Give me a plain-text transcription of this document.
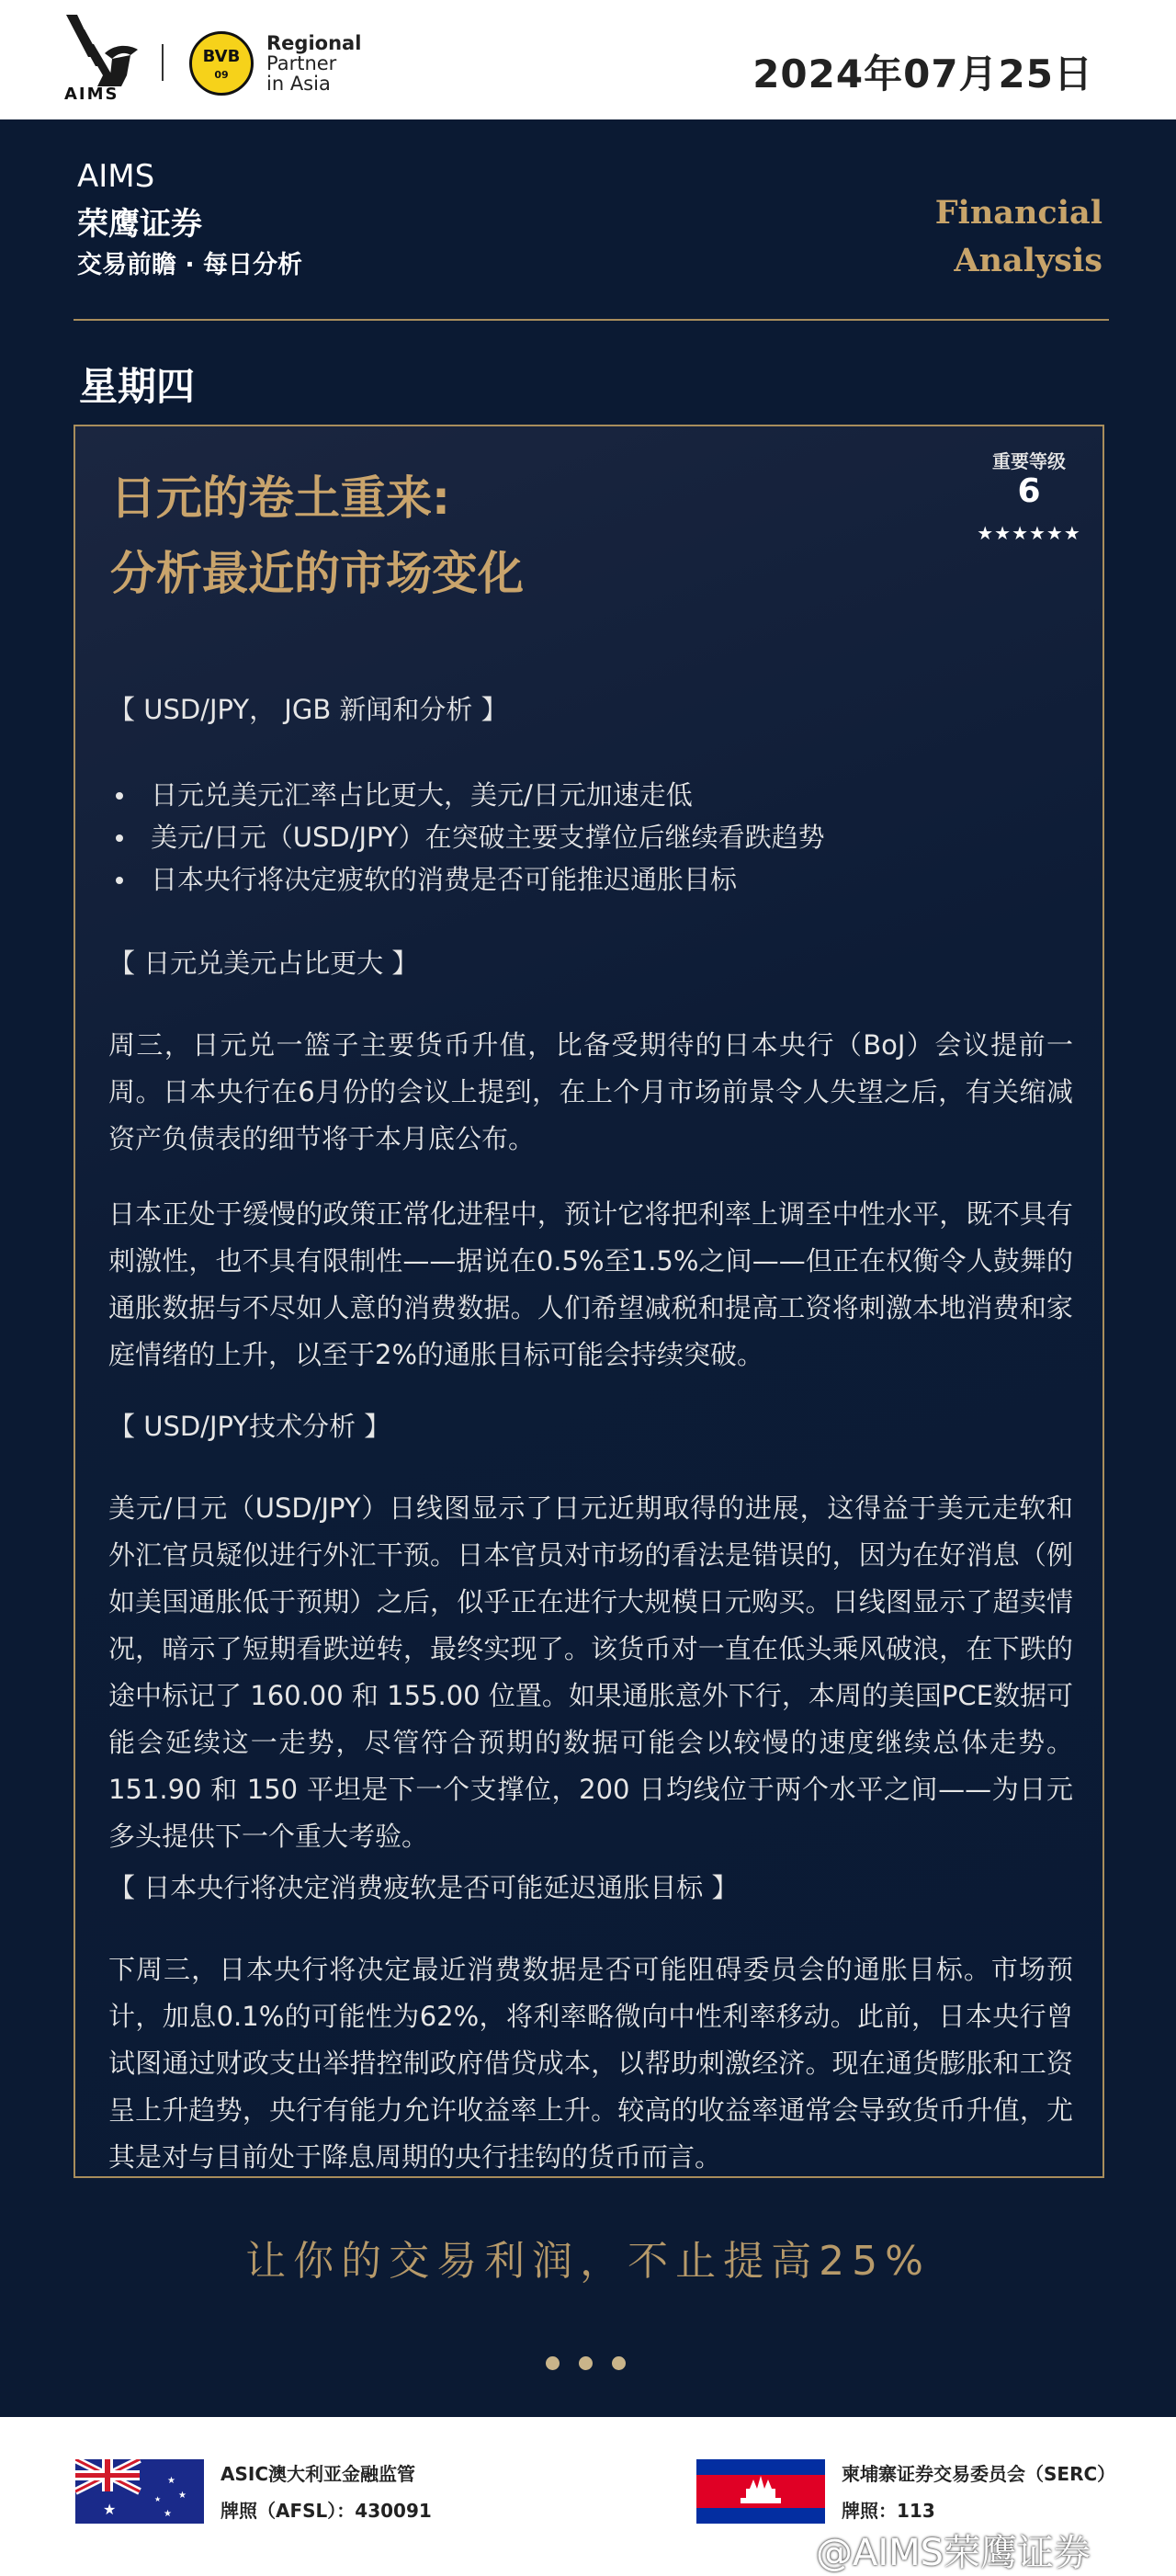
AIMS
BVB
09
Regional
Partner
in Asia	2024年07月25日
AIMS
荣鹰证券
交易前瞻 · 每日分析
Financial
Analysis
星期四
日元的卷土重来:
分析最近的市场变化
重要等级
6
★★★★★★
【 USD/JPY， JGB 新闻和分析 】
日元兑美元汇率占比更大，美元/日元加速走低
美元/日元（USD/JPY）在突破主要支撑位后继续看跌趋势
日本央行将决定疲软的消费是否可能推迟通胀目标
【 日元兑美元占比更大 】
周三，日元兑一篮子主要货币升值，比备受期待的日本央行（BoJ）会议提前一周。日本央行在6月份的会议上提到，在上个月市场前景令人失望之后，有关缩减资产负债表的细节将于本月底公布。
日本正处于缓慢的政策正常化进程中，预计它将把利率上调至中性水平，既不具有刺激性，也不具有限制性——据说在0.5%至1.5%之间——但正在权衡令人鼓舞的通胀数据与不尽如人意的消费数据。人们希望减税和提高工资将刺激本地消费和家庭情绪的上升，以至于2%的通胀目标可能会持续突破。
【 USD/JPY技术分析 】
美元/日元（USD/JPY）日线图显示了日元近期取得的进展，这得益于美元走软和外汇官员疑似进行外汇干预。日本官员对市场的看法是错误的，因为在好消息（例如美国通胀低于预期）之后，似乎正在进行大规模日元购买。日线图显示了超卖情况，暗示了短期看跌逆转，最终实现了。该货币对一直在低头乘风破浪，在下跌的途中标记了 160.00 和 155.00 位置。如果通胀意外下行，本周的美国PCE数据可能会延续这一走势，尽管符合预期的数据可能会以较慢的速度继续总体走势。151.90 和 150 平坦是下一个支撑位，200 日均线位于两个水平之间——为日元多头提供下一个重大考验。
【 日本央行将决定消费疲软是否可能延迟通胀目标 】
下周三，日本央行将决定最近消费数据是否可能阻碍委员会的通胀目标。市场预计，加息0.1%的可能性为62%，将利率略微向中性利率移动。此前，日本央行曾试图通过财政支出举措控制政府借贷成本，以帮助刺激经济。现在通货膨胀和工资呈上升趋势，央行有能力允许收益率上升。较高的收益率通常会导致货币升值，尤其是对与目前处于降息周期的央行挂钩的货币而言。
让你的交易利润，不止提高25%
★
★
★
★
★
ASIC澳大利亚金融监管
牌照（AFSL）：430091
柬埔寨证券交易委员会（SERC）
牌照：113
@AIMS荣鹰证券
